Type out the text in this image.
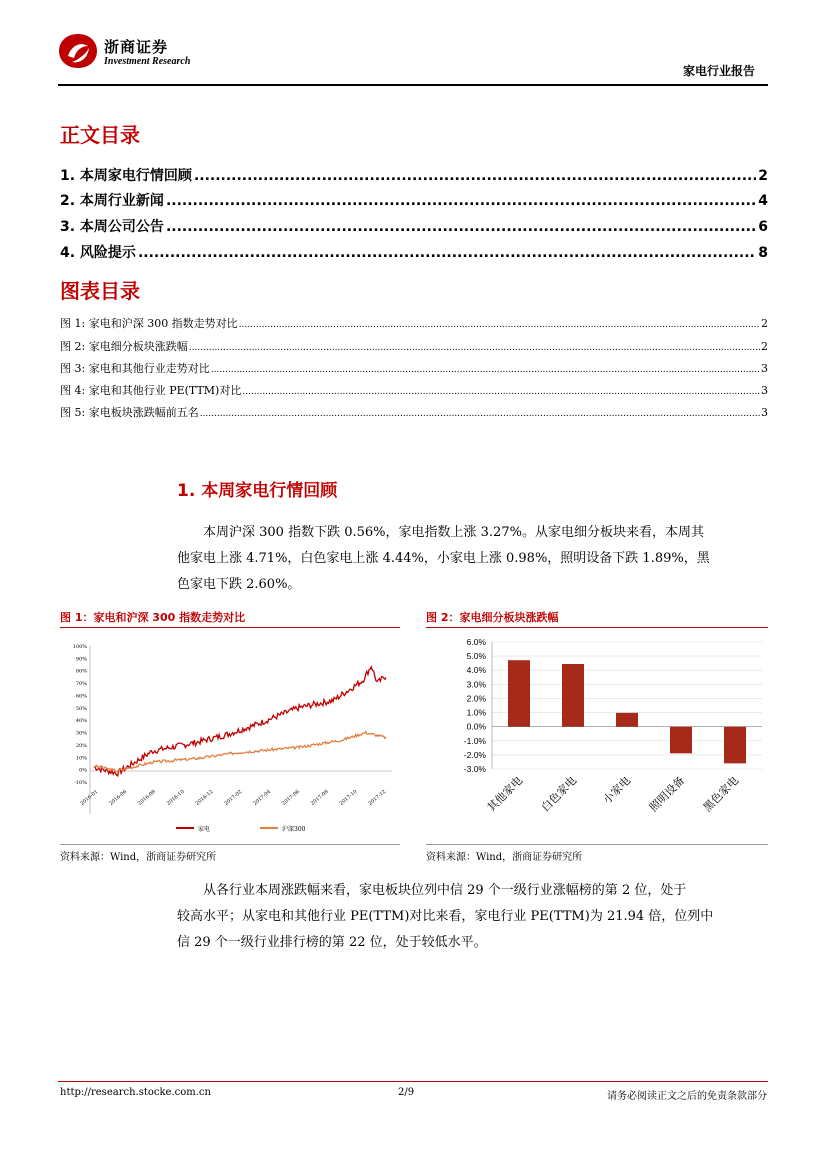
浙商证券
Investment Research
家电行业报告
正文目录
1. 本周家电行情回顾 .....	2
2. 本周行业新闻 .....	4
3. 本周公司公告 .....	6
4. 风险提示 .....	8
图表目录
图 1: 家电和沪深 300 指数走势对比 .....	2
图 2: 家电细分板块涨跌幅 .....	2
图 3: 家电和其他行业走势对比 .....	3
图 4: 家电和其他行业 PE(TTM)对比 .....	3
图 5: 家电板块涨跌幅前五名 .....	3
1. 本周家电行情回顾
本周沪深 300 指数下跌 0.56%，家电指数上涨 3.27%。从家电细分板块来看，本周其
他家电上涨 4.71%，白色家电上涨 4.44%，小家电上涨 0.98%，照明设备下跌 1.89%，黑
色家电下跌 2.60%。
图 1：家电和沪深 300 指数走势对比
100%
90%
80%
70%
60%
50%
40%
30%
20%
10%
0%
-10%
2016-01 2016-06 2016-08 2016-10 2016-12 2017-02 2017-04 2017-06 2017-08 2017-10 2017-12
家电	沪深300
资料来源：Wind，浙商证券研究所
图 2：家电细分板块涨跌幅
6.0%
5.0%
4.0%
3.0%
2.0%
1.0%
0.0%
-1.0%
-2.0%
-3.0%
其他家电 白色家电 小家电 照明设备 黑色家电
资料来源：Wind，浙商证券研究所
从各行业本周涨跌幅来看，家电板块位列中信 29 个一级行业涨幅榜的第 2 位，处于
较高水平；从家电和其他行业 PE(TTM)对比来看，家电行业 PE(TTM)为 21.94 倍，位列中
信 29 个一级行业排行榜的第 22 位，处于较低水平。
http://research.stocke.com.cn	2/9	请务必阅读正文之后的免责条款部分
